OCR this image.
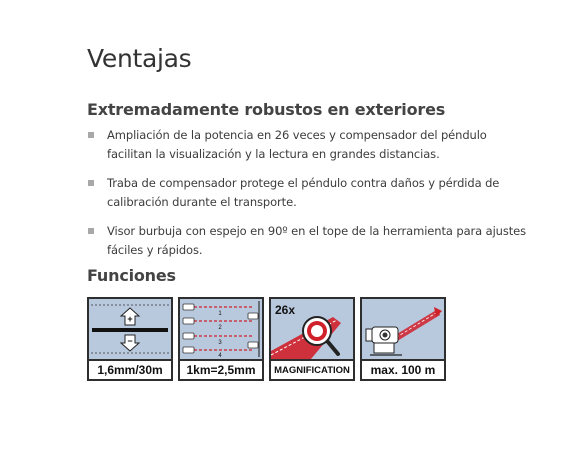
Ventajas
Extremadamente robustos en exteriores
Ampliación de la potencia en 26 veces y compensador del péndulo facilitan la visualización y la lectura en grandes distancias.
Traba de compensador protege el péndulo contra daños y pérdida de calibración durante el transporte.
Visor burbuja con espejo en 90º en el tope de la herramienta para ajustes fáciles y rápidos.
Funciones
+
−
1,6mm/30m
1
2
3
4
1km=2,5mm
26x
MAGNIFICATION	max. 100 m
